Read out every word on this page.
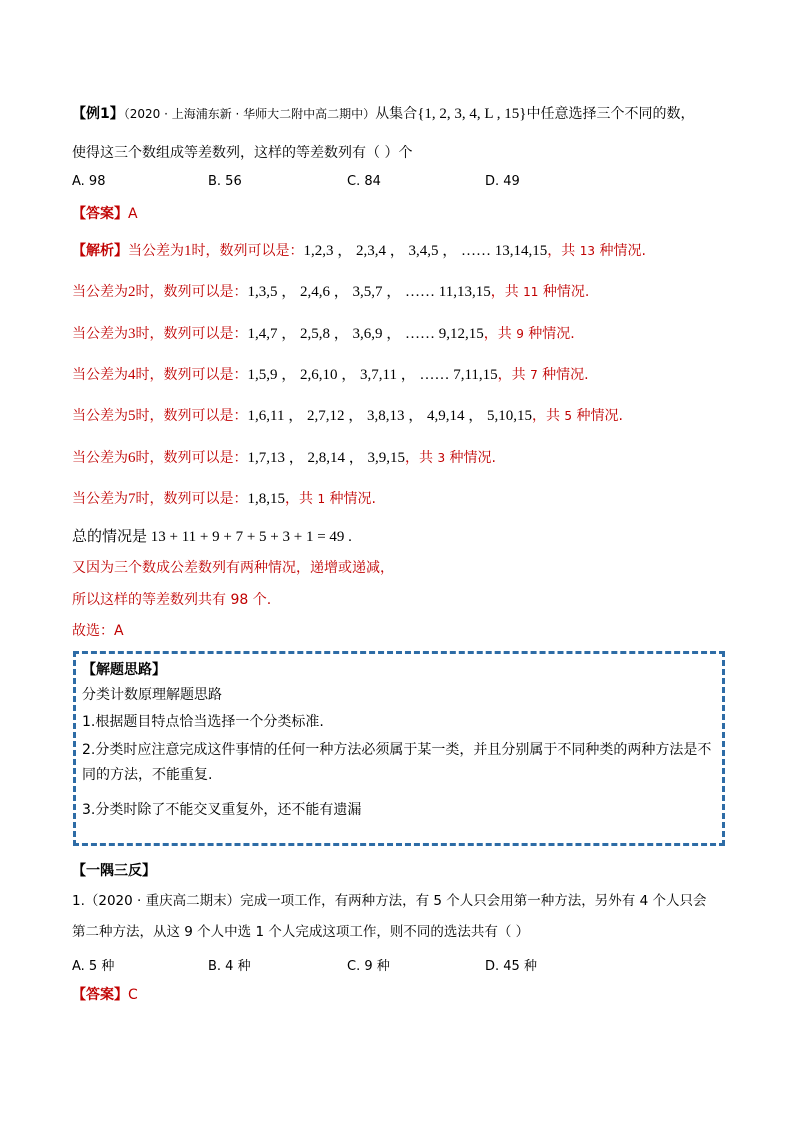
【例1】（2020 · 上海浦东新 · 华师大二附中高二期中）从集合{1, 2, 3, 4, L , 15}中任意选择三个不同的数，
使得这三个数组成等差数列，这样的等差数列有（ ）个
A. 98	B. 56	C. 84	D. 49
【答案】A
【解析】当公差为1时，数列可以是：1,2,3 ， 2,3,4 ， 3,4,5 ， …… 13,14,15，共 13 种情况.
当公差为2时，数列可以是：1,3,5 ， 2,4,6 ， 3,5,7 ， …… 11,13,15，共 11 种情况.
当公差为3时，数列可以是：1,4,7 ， 2,5,8 ， 3,6,9 ， …… 9,12,15，共 9 种情况.
当公差为4时，数列可以是：1,5,9 ， 2,6,10 ， 3,7,11 ， …… 7,11,15，共 7 种情况.
当公差为5时，数列可以是：1,6,11 ， 2,7,12 ， 3,8,13 ， 4,9,14 ， 5,10,15，共 5 种情况.
当公差为6时，数列可以是：1,7,13 ， 2,8,14 ， 3,9,15，共 3 种情况.
当公差为7时，数列可以是：1,8,15，共 1 种情况.
总的情况是 13 + 11 + 9 + 7 + 5 + 3 + 1 = 49 .
又因为三个数成公差数列有两种情况，递增或递减，
所以这样的等差数列共有 98 个.
故选：A
【解题思路】
分类计数原理解题思路
1.根据题目特点恰当选择一个分类标准.
2.分类时应注意完成这件事情的任何一种方法必须属于某一类，并且分别属于不同种类的两种方法是不
同的方法，不能重复.
3.分类时除了不能交叉重复外，还不能有遗漏
【一隅三反】
1.（2020 · 重庆高二期末）完成一项工作，有两种方法，有 5 个人只会用第一种方法，另外有 4 个人只会
第二种方法，从这 9 个人中选 1 个人完成这项工作，则不同的选法共有（ ）
A. 5 种	B. 4 种	C. 9 种	D. 45 种
【答案】C
